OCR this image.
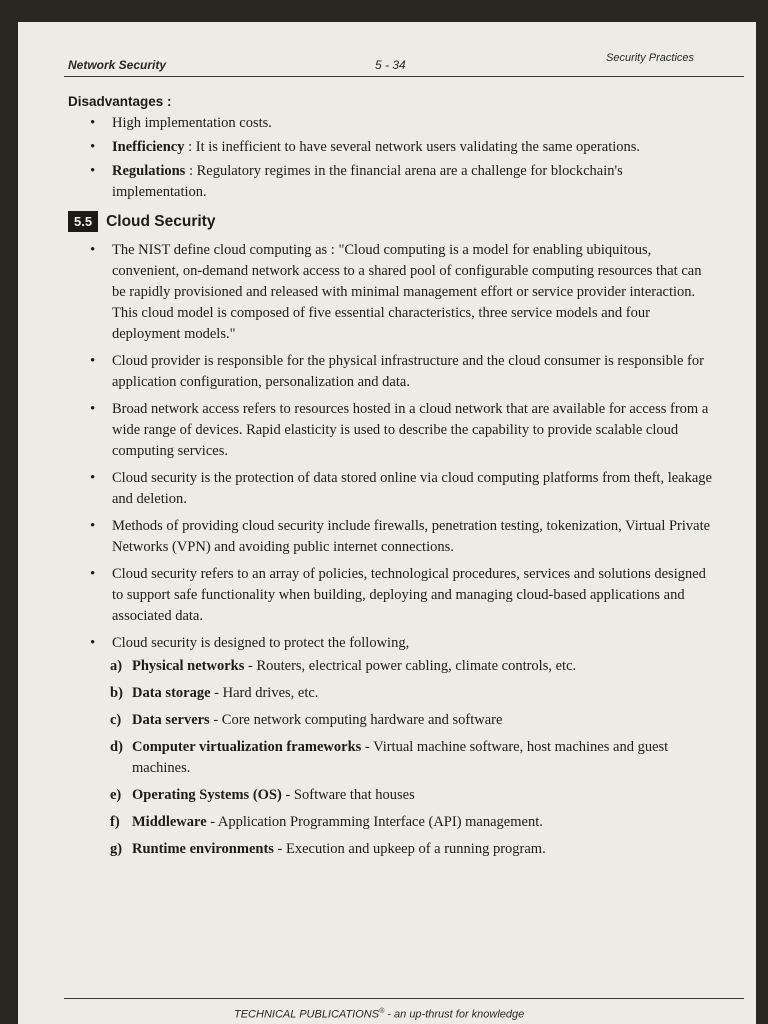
Network Security	5 - 34	Security Practices
Disadvantages :
• High implementation costs.
• Inefficiency : It is inefficient to have several network users validating the same operations.
• Regulations : Regulatory regimes in the financial arena are a challenge for blockchain's implementation.
5.5 Cloud Security
• The NIST define cloud computing as : "Cloud computing is a model for enabling ubiquitous, convenient, on-demand network access to a shared pool of configurable computing resources that can be rapidly provisioned and released with minimal management effort or service provider interaction. This cloud model is composed of five essential characteristics, three service models and four deployment models."
• Cloud provider is responsible for the physical infrastructure and the cloud consumer is responsible for application configuration, personalization and data.
• Broad network access refers to resources hosted in a cloud network that are available for access from a wide range of devices. Rapid elasticity is used to describe the capability to provide scalable cloud computing services.
• Cloud security is the protection of data stored online via cloud computing platforms from theft, leakage and deletion.
• Methods of providing cloud security include firewalls, penetration testing, tokenization, Virtual Private Networks (VPN) and avoiding public internet connections.
• Cloud security refers to an array of policies, technological procedures, services and solutions designed to support safe functionality when building, deploying and managing cloud-based applications and associated data.
• Cloud security is designed to protect the following,
a) Physical networks - Routers, electrical power cabling, climate controls, etc.
b) Data storage - Hard drives, etc.
c) Data servers - Core network computing hardware and software
d) Computer virtualization frameworks - Virtual machine software, host machines and guest machines.
e) Operating Systems (OS) - Software that houses
f) Middleware - Application Programming Interface (API) management.
g) Runtime environments - Execution and upkeep of a running program.
TECHNICAL PUBLICATIONS® - an up-thrust for knowledge
